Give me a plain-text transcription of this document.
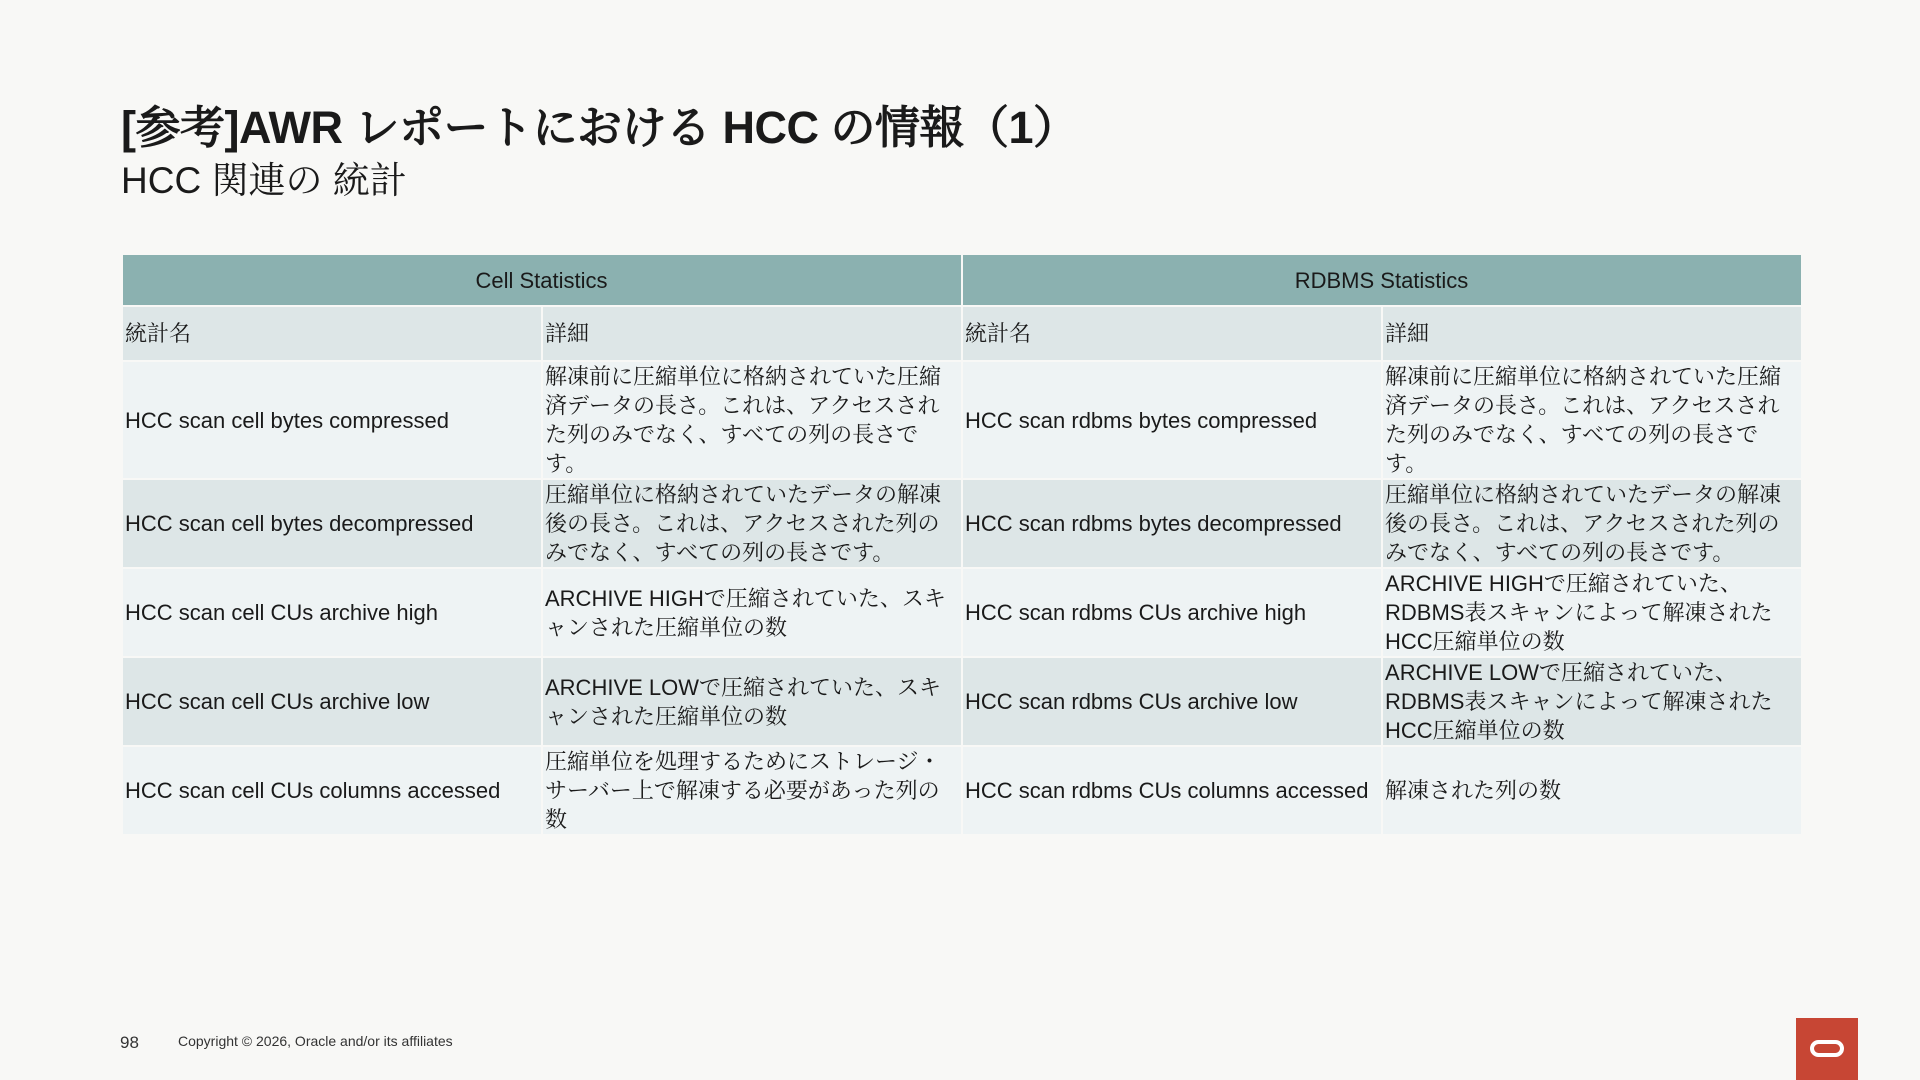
[参考]AWR レポートにおける HCC の情報（1）
HCC 関連の 統計
Cell Statistics		RDBMS Statistics	
統計名	詳細	統計名	詳細
HCC scan cell bytes compressed	解凍前に圧縮単位に格納されていた圧縮済データの長さ。これは、アクセスされた列のみでなく、すべての列の長さです。	HCC scan rdbms bytes compressed	解凍前に圧縮単位に格納されていた圧縮済データの長さ。これは、アクセスされた列のみでなく、すべての列の長さです。
HCC scan cell bytes decompressed	圧縮単位に格納されていたデータの解凍後の長さ。これは、アクセスされた列のみでなく、すべての列の長さです。	HCC scan rdbms bytes decompressed	圧縮単位に格納されていたデータの解凍後の長さ。これは、アクセスされた列のみでなく、すべての列の長さです。
HCC scan cell CUs archive high	ARCHIVE HIGHで圧縮されていた、スキャンされた圧縮単位の数	HCC scan rdbms CUs archive high	ARCHIVE HIGHで圧縮されていた、RDBMS表スキャンによって解凍されたHCC圧縮単位の数
HCC scan cell CUs archive low	ARCHIVE LOWで圧縮されていた、スキャンされた圧縮単位の数	HCC scan rdbms CUs archive low	ARCHIVE LOWで圧縮されていた、RDBMS表スキャンによって解凍されたHCC圧縮単位の数
HCC scan cell CUs columns accessed	圧縮単位を処理するためにストレージ・サーバー上で解凍する必要があった列の数	HCC scan rdbms CUs columns accessed	解凍された列の数
98	Copyright © 2026, Oracle and/or its affiliates
